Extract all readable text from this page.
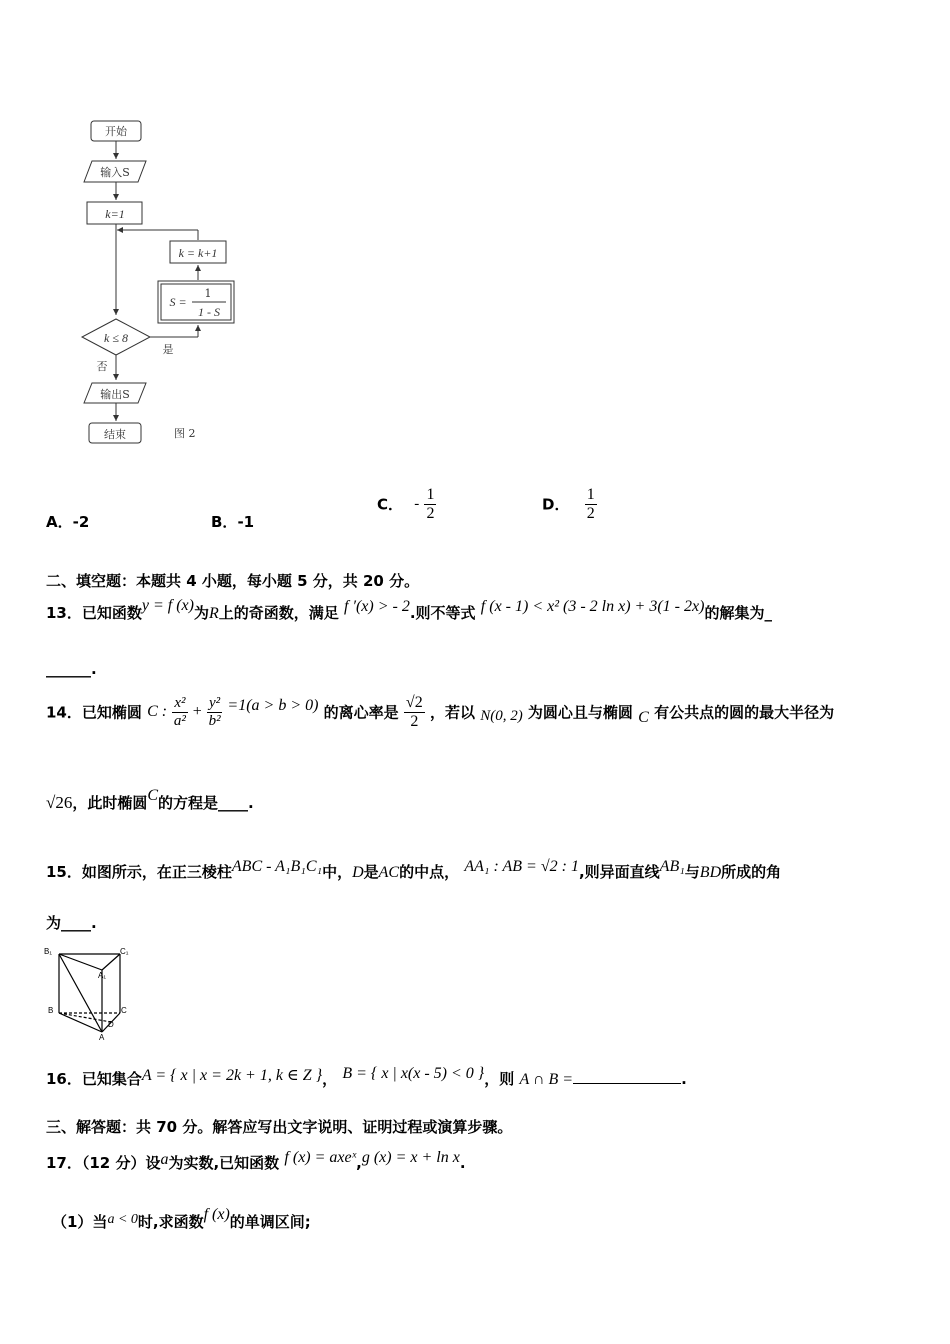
开始
输入S
k=1
k = k+1
S =
1
1 - S
k ≤ 8
是
否
输出S
结束	图 2
A．-2	B．-1
C． - $\frac{1}{2}$	D． $\frac{1}{2}$
二、填空题：本题共 4 小题，每小题 5 分，共 20 分。
13．已知函数y = f (x)为R上的奇函数，满足 f ′(x) > - 2.则不等式 f (x - 1) < x² (3 - 2 ln x) + 3(1 - 2x)的解集为_
______.
14．已知椭圆 C : $\frac{\text{x²}}{\text{a²}} + \frac{\text{y²}}{\text{b²}} =1(a > b > 0)$ 的离心率是 $\frac{√2}{2}$ ，若以 N(0, 2) 为圆心且与椭圆 C 有公共点的圆的最大半径为
√26，此时椭圆C的方程是____.
15．如图所示，在正三棱柱ABC - A₁B₁C₁中，D是AC的中点， AA₁ : AB = √2 : 1,则异面直线AB₁与BD所成的角
为____.
B₁	C₁
A₁
B	C
D
A
16．已知集合A = { x | x = 2k + 1, k ∈ Z }， B = { x | x(x - 5) < 0 }，则 A ∩ B =	.
三、解答题：共 70 分。解答应写出文字说明、证明过程或演算步骤。
17．（12 分）设a为实数,已知函数 f (x) = axeˣ,g (x) = x + ln x.
（1）当a < 0时,求函数f (x)的单调区间;
